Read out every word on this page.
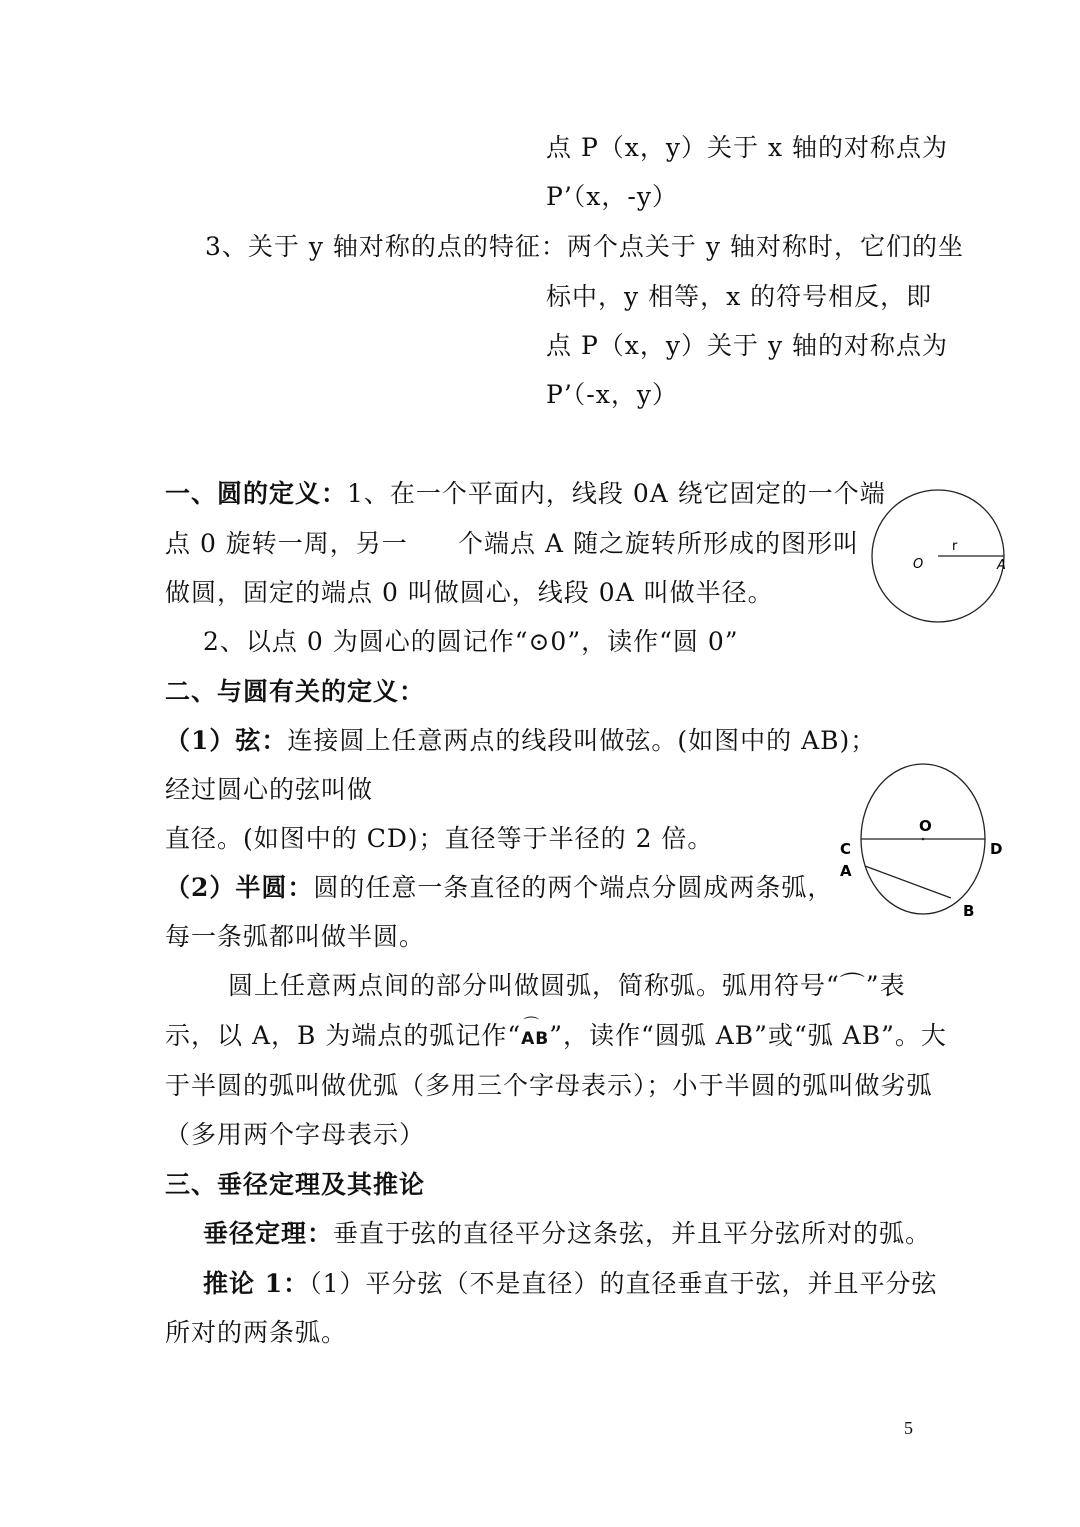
点 P（x，y）关于 x 轴的对称点为
P’（x，-y）
3、关于 y 轴对称的点的特征：两个点关于 y 轴对称时，它们的坐
标中，y 相等，x 的符号相反，即
点 P（x，y）关于 y 轴的对称点为
P’（-x，y）
一、圆的定义：1、在一个平面内，线段 0A 绕它固定的一个端
点 0 旋转一周，另一 个端点 A 随之旋转所形成的图形叫
做圆，固定的端点 0 叫做圆心，线段 0A 叫做半径。
2、以点 0 为圆心的圆记作“⊙0”，读作“圆 0”
O
r
A
二、与圆有关的定义：
（1）弦：连接圆上任意两点的线段叫做弦。(如图中的 AB)；
经过圆心的弦叫做
直径。(如图中的 CD)；直径等于半径的 2 倍。
（2）半圆：圆的任意一条直径的两个端点分圆成两条弧，
每一条弧都叫做半圆。
圆上任意两点间的部分叫做圆弧，简称弧。弧用符号“⌒”表
示，以 A，B 为端点的弧记作“ ⌒
AB”，读作“圆弧 AB”或“弧 AB”。大
于半圆的弧叫做优弧（多用三个字母表示）；小于半圆的弧叫做劣弧
（多用两个字母表示）
O
C	D
A
B
三、垂径定理及其推论
垂径定理：垂直于弦的直径平分这条弦，并且平分弦所对的弧。
推论 1：（1）平分弦（不是直径）的直径垂直于弦，并且平分弦
所对的两条弧。
5
